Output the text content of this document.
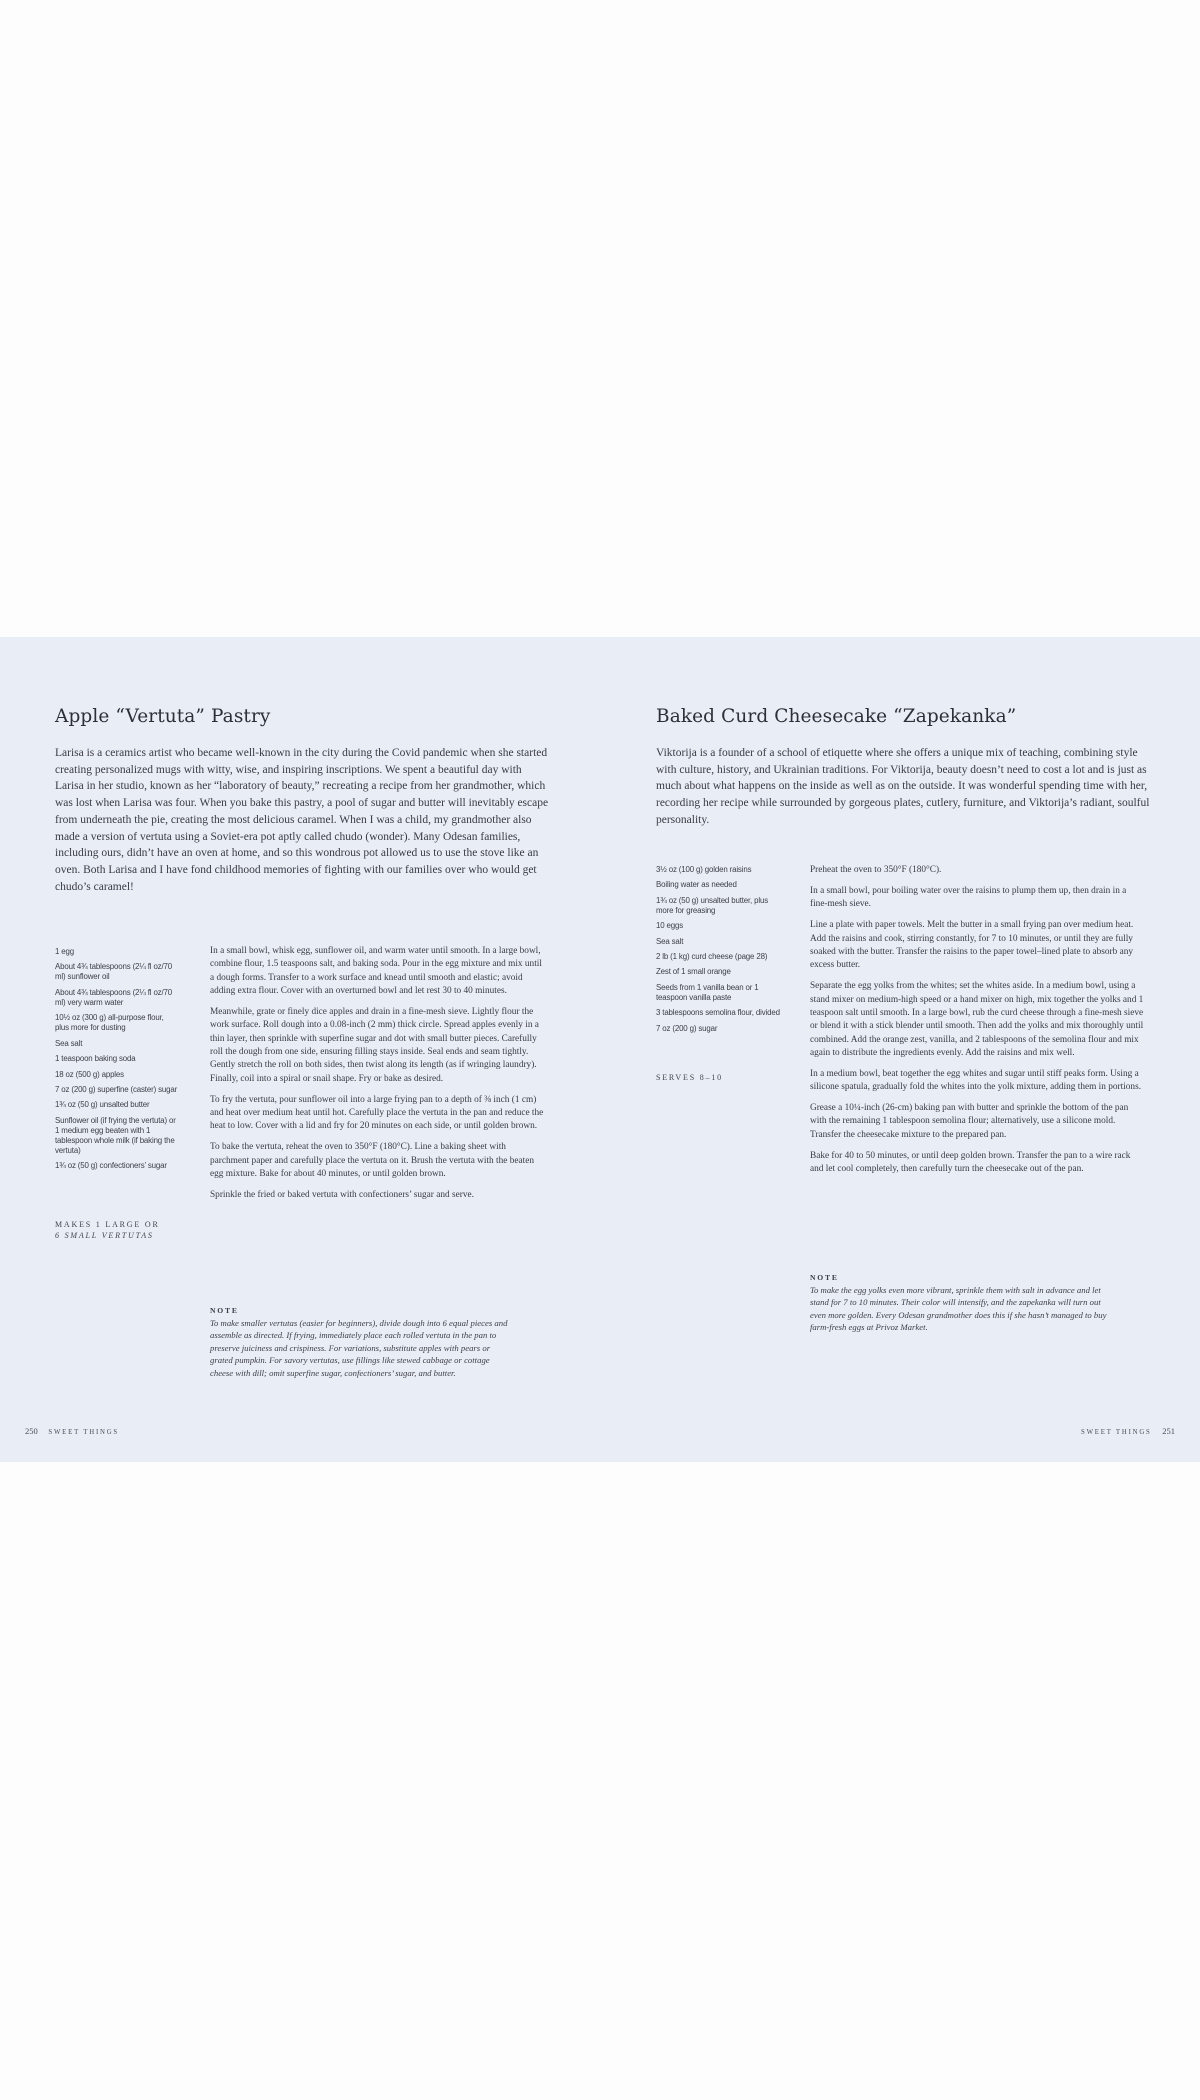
Apple “Vertuta” Pastry

Larisa is a ceramics artist who became well-known in the city during the Covid pandemic when she started creating personalized mugs with witty, wise, and inspiring inscriptions. We spent a beautiful day with Larisa in her studio, known as her “laboratory of beauty,” recreating a recipe from her grandmother, which was lost when Larisa was four. When you bake this pastry, a pool of sugar and butter will inevitably escape from underneath the pie, creating the most delicious caramel. When I was a child, my grandmother also made a version of vertuta using a Soviet-era pot aptly called chudo (wonder). Many Odesan families, including ours, didn’t have an oven at home, and so this wondrous pot allowed us to use the stove like an oven. Both Larisa and I have fond childhood memories of fighting with our families over who would get chudo’s caramel!

1 egg
About 4¾ tablespoons (2¼ fl oz/70 ml) sunflower oil
About 4¾ tablespoons (2¼ fl oz/70 ml) very warm water
10½ oz (300 g) all-purpose flour, plus more for dusting
Sea salt
1 teaspoon baking soda
18 oz (500 g) apples
7 oz (200 g) superfine (caster) sugar
1¾ oz (50 g) unsalted butter
Sunflower oil (if frying the vertuta) or 1 medium egg beaten with 1 tablespoon whole milk (if baking the vertuta)
1¾ oz (50 g) confectioners’ sugar
MAKES 1 LARGE OR
6 SMALL VERTUTAS

In a small bowl, whisk egg, sunflower oil, and warm water until smooth. In a large bowl, combine flour, 1.5 teaspoons salt, and baking soda. Pour in the egg mixture and mix until a dough forms. Transfer to a work surface and knead until smooth and elastic; avoid adding extra flour. Cover with an overturned bowl and let rest 30 to 40 minutes.

Meanwhile, grate or finely dice apples and drain in a fine-mesh sieve. Lightly flour the work surface. Roll dough into a 0.08-inch (2 mm) thick circle. Spread apples evenly in a thin layer, then sprinkle with superfine sugar and dot with small butter pieces. Carefully roll the dough from one side, ensuring filling stays inside. Seal ends and seam tightly. Gently stretch the roll on both sides, then twist along its length (as if wringing laundry). Finally, coil into a spiral or snail shape. Fry or bake as desired.

To fry the vertuta, pour sunflower oil into a large frying pan to a depth of ⅜ inch (1 cm) and heat over medium heat until hot. Carefully place the vertuta in the pan and reduce the heat to low. Cover with a lid and fry for 20 minutes on each side, or until golden brown.

To bake the vertuta, reheat the oven to 350°F (180°C). Line a baking sheet with parchment paper and carefully place the vertuta on it. Brush the vertuta with the beaten egg mixture. Bake for about 40 minutes, or until golden brown.

Sprinkle the fried or baked vertuta with confectioners’ sugar and serve.

NOTE
To make smaller vertutas (easier for beginners), divide dough into 6 equal pieces and assemble as directed. If frying, immediately place each rolled vertuta in the pan to preserve juiciness and crispiness. For variations, substitute apples with pears or grated pumpkin. For savory vertutas, use fillings like stewed cabbage or cottage cheese with dill; omit superfine sugar, confectioners’ sugar, and butter.
250 SWEET THINGS
Baked Curd Cheesecake “Zapekanka”

Viktorija is a founder of a school of etiquette where she offers a unique mix of teaching, combining style with culture, history, and Ukrainian traditions. For Viktorija, beauty doesn’t need to cost a lot and is just as much about what happens on the inside as well as on the outside. It was wonderful spending time with her, recording her recipe while surrounded by gorgeous plates, cutlery, furniture, and Viktorija’s radiant, soulful personality.

3½ oz (100 g) golden raisins
Boiling water as needed
1¾ oz (50 g) unsalted butter, plus more for greasing
10 eggs
Sea salt
2 lb (1 kg) curd cheese (page 28)
Zest of 1 small orange
Seeds from 1 vanilla bean or 1 teaspoon vanilla paste
3 tablespoons semolina flour, divided
7 oz (200 g) sugar
SERVES 8–10

Preheat the oven to 350°F (180°C).

In a small bowl, pour boiling water over the raisins to plump them up, then drain in a fine-mesh sieve.

Line a plate with paper towels. Melt the butter in a small frying pan over medium heat. Add the raisins and cook, stirring constantly, for 7 to 10 minutes, or until they are fully soaked with the butter. Transfer the raisins to the paper towel–lined plate to absorb any excess butter.

Separate the egg yolks from the whites; set the whites aside. In a medium bowl, using a stand mixer on medium-high speed or a hand mixer on high, mix together the yolks and 1 teaspoon salt until smooth. In a large bowl, rub the curd cheese through a fine-mesh sieve or blend it with a stick blender until smooth. Then add the yolks and mix thoroughly until combined. Add the orange zest, vanilla, and 2 tablespoons of the semolina flour and mix again to distribute the ingredients evenly. Add the raisins and mix well.

In a medium bowl, beat together the egg whites and sugar until stiff peaks form. Using a silicone spatula, gradually fold the whites into the yolk mixture, adding them in portions.

Grease a 10¼-inch (26-cm) baking pan with butter and sprinkle the bottom of the pan with the remaining 1 tablespoon semolina flour; alternatively, use a silicone mold. Transfer the cheesecake mixture to the prepared pan.

Bake for 40 to 50 minutes, or until deep golden brown. Transfer the pan to a wire rack and let cool completely, then carefully turn the cheesecake out of the pan.

NOTE
To make the egg yolks even more vibrant, sprinkle them with salt in advance and let stand for 7 to 10 minutes. Their color will intensify, and the zapekanka will turn out even more golden. Every Odesan grandmother does this if she hasn’t managed to buy farm-fresh eggs at Privoz Market.
SWEET THINGS 251
